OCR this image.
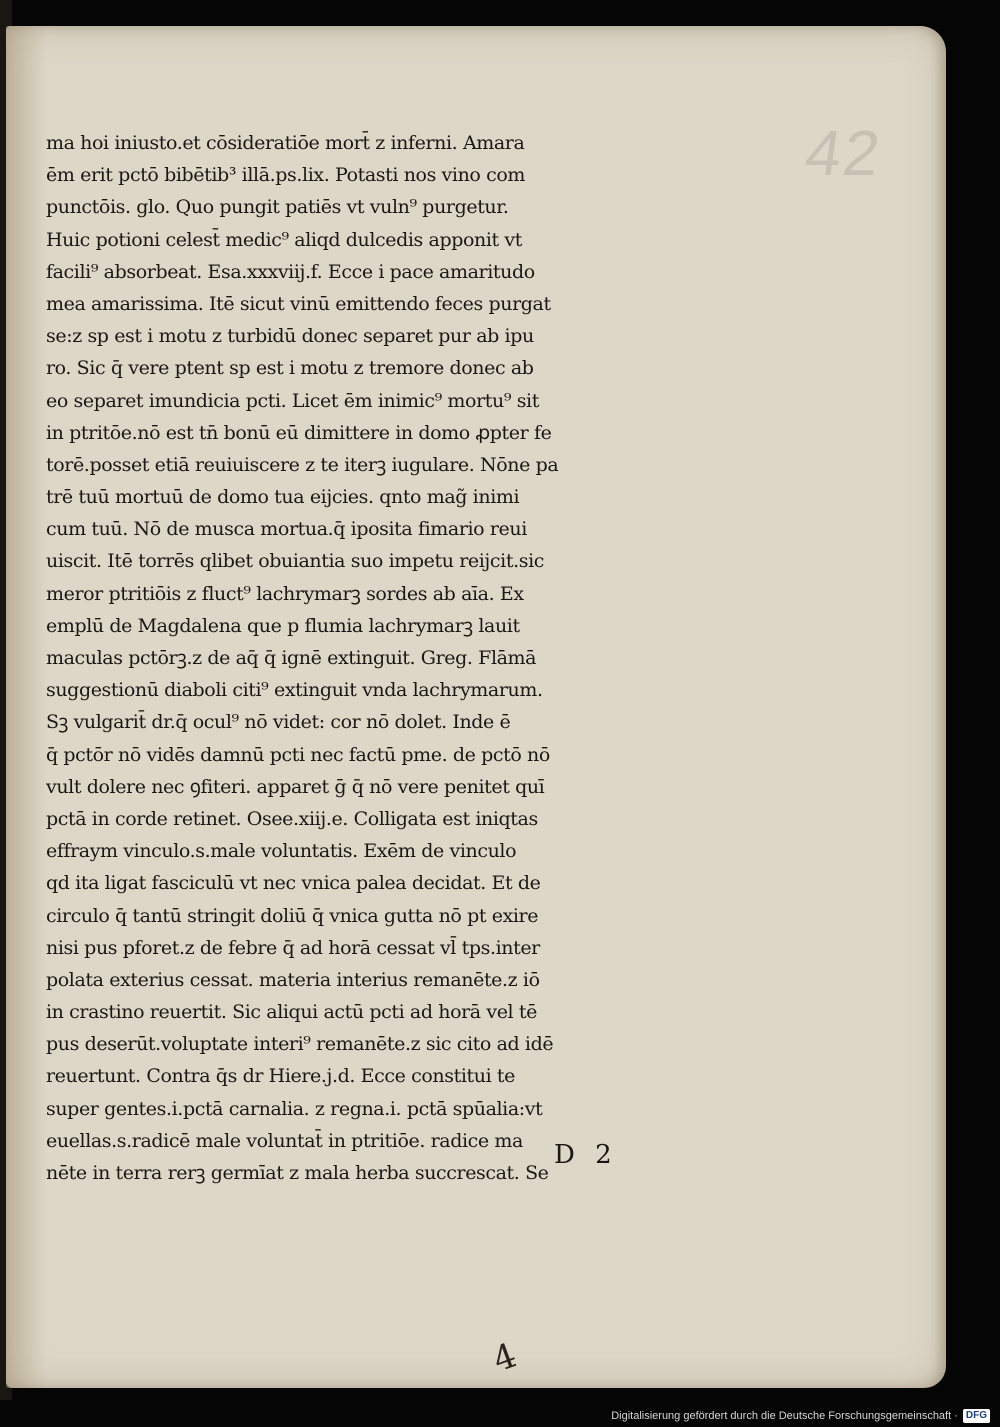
42
ma hoi iniusto.et cōsideratiōe mort̄ z inferni. Amara
ēm erit pctō bibētib³ illā.ps.lix. Potasti nos vino com
punctōis. glo. Quo pungit patiēs vt vuln⁹ purgetur.
Huic potioni celest̄ medic⁹ aliqd dulcedis apponit vt
facili⁹ absorbeat. Esa.xxxviij.f. Ecce i pace amaritudo
mea amarissima. Itē sicut vinū emittendo feces purgat
se:z sp est i motu z turbidū donec separet pur ab ipu
ro. Sic q̄ vere ptent sp est i motu z tremore donec ab
eo separet imundicia pcti. Licet ēm inimic⁹ mortu⁹ sit
in ptritōe.nō est tn̄ bonū eū dimittere in domo ꝓpter fe
torē.posset etiā reuiuiscere z te iterꝫ iugulare. Nōne pa
trē tuū mortuū de domo tua eijcies. qnto mag̃ inimi
cum tuū. Nō de musca mortua.q̄ iposita fimario reui
uiscit. Itē torrēs qlibet obuiantia suo impetu reijcit.sic
meror ptritiōis z fluct⁹ lachrymarꝫ sordes ab aīa. Ex
emplū de Magdalena que p flumia lachrymarꝫ lauit
maculas pctōrꝫ.z de aq̄ q̄ ignē extinguit. Greg. Flāmā
suggestionū diaboli citi⁹ extinguit vnda lachrymarum.
Sꝫ vulgarit̄ dr.q̄ ocul⁹ nō videt: cor nō dolet. Inde ē
q̄ pctōr nō vidēs damnū pcti nec factū pme. de pctō nō
vult dolere nec ꝯfiteri. apparet ḡ q̄ nō vere penitet quī
pctā in corde retinet. Osee.xiij.e. Colligata est iniqtas
effraym vinculo.s.male voluntatis. Exēm de vinculo
qd ita ligat fasciculū vt nec vnica palea decidat. Et de
circulo q̄ tantū stringit doliū q̄ vnica gutta nō pt exire
nisi pus pforet.z de febre q̄ ad horā cessat vl̄ tps.inter
polata exterius cessat. materia interius remanēte.z iō
in crastino reuertit. Sic aliqui actū pcti ad horā vel tē
pus deserūt.voluptate interi⁹ remanēte.z sic cito ad idē
reuertunt. Contra q̄s dr Hiere.j.d. Ecce constitui te
super gentes.i.pctā carnalia. z regna.i. pctā spūalia:vt
euellas.s.radicē male voluntat̄ in ptritiōe. radice ma
nēte in terra rerꝫ germīat z mala herba succrescat. Se
D 2
4
Digitalisierung gefördert durch die Deutsche Forschungsgemeinschaft · DFG
